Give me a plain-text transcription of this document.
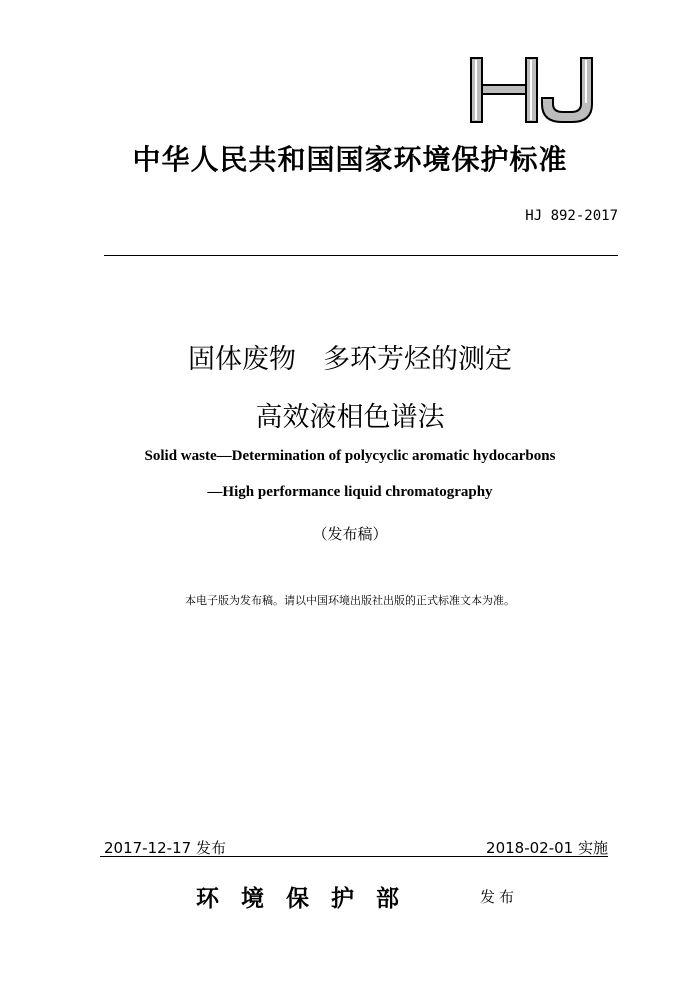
中华人民共和国国家环境保护标准
HJ 892-2017
固体废物　多环芳烃的测定
高效液相色谱法
Solid waste—Determination of polycyclic aromatic hydocarbons
—High performance liquid chromatography
（发布稿）
本电子版为发布稿。请以中国环境出版社出版的正式标准文本为准。
2017-12-17 发布	2018-02-01 实施
环境保护部	发布
